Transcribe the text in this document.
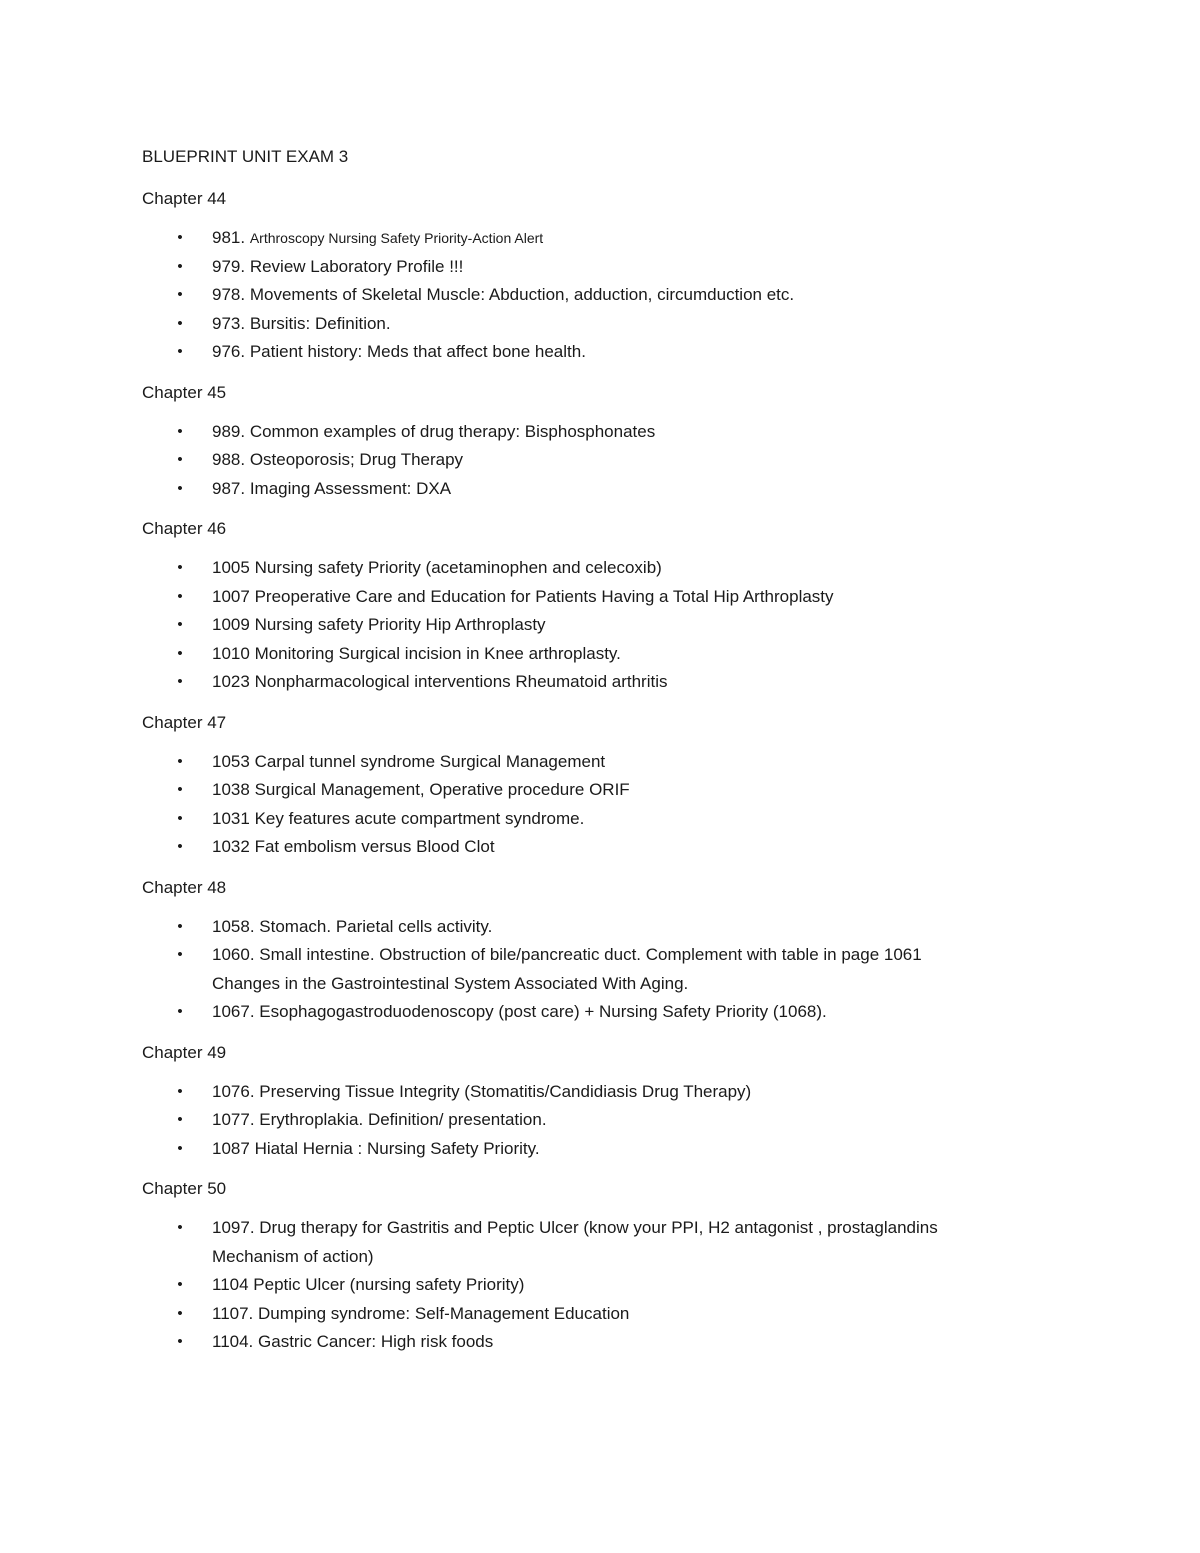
BLUEPRINT UNIT EXAM 3
Chapter 44
• 981. Arthroscopy Nursing Safety Priority-Action Alert
• 979. Review Laboratory Profile !!!
• 978. Movements of Skeletal Muscle: Abduction, adduction, circumduction etc.
• 973. Bursitis: Definition.
• 976. Patient history: Meds that affect bone health.
Chapter 45
• 989. Common examples of drug therapy: Bisphosphonates
• 988. Osteoporosis; Drug Therapy
• 987. Imaging Assessment: DXA
Chapter 46
• 1005 Nursing safety Priority (acetaminophen and celecoxib)
• 1007 Preoperative Care and Education for Patients Having a Total Hip Arthroplasty
• 1009 Nursing safety Priority Hip Arthroplasty
• 1010 Monitoring Surgical incision in Knee arthroplasty.
• 1023 Nonpharmacological interventions Rheumatoid arthritis
Chapter 47
• 1053 Carpal tunnel syndrome Surgical Management
• 1038 Surgical Management, Operative procedure ORIF
• 1031 Key features acute compartment syndrome.
• 1032 Fat embolism versus Blood Clot
Chapter 48
• 1058. Stomach. Parietal cells activity.
• 1060. Small intestine. Obstruction of bile/pancreatic duct. Complement with table in page 1061
Changes in the Gastrointestinal System Associated With Aging.
• 1067. Esophagogastroduodenoscopy (post care) + Nursing Safety Priority (1068).
Chapter 49
• 1076. Preserving Tissue Integrity (Stomatitis/Candidiasis Drug Therapy)
• 1077. Erythroplakia. Definition/ presentation.
• 1087 Hiatal Hernia : Nursing Safety Priority.
Chapter 50
• 1097. Drug therapy for Gastritis and Peptic Ulcer (know your PPI, H2 antagonist , prostaglandins
Mechanism of action)
• 1104 Peptic Ulcer (nursing safety Priority)
• 1107. Dumping syndrome: Self-Management Education
• 1104. Gastric Cancer: High risk foods
